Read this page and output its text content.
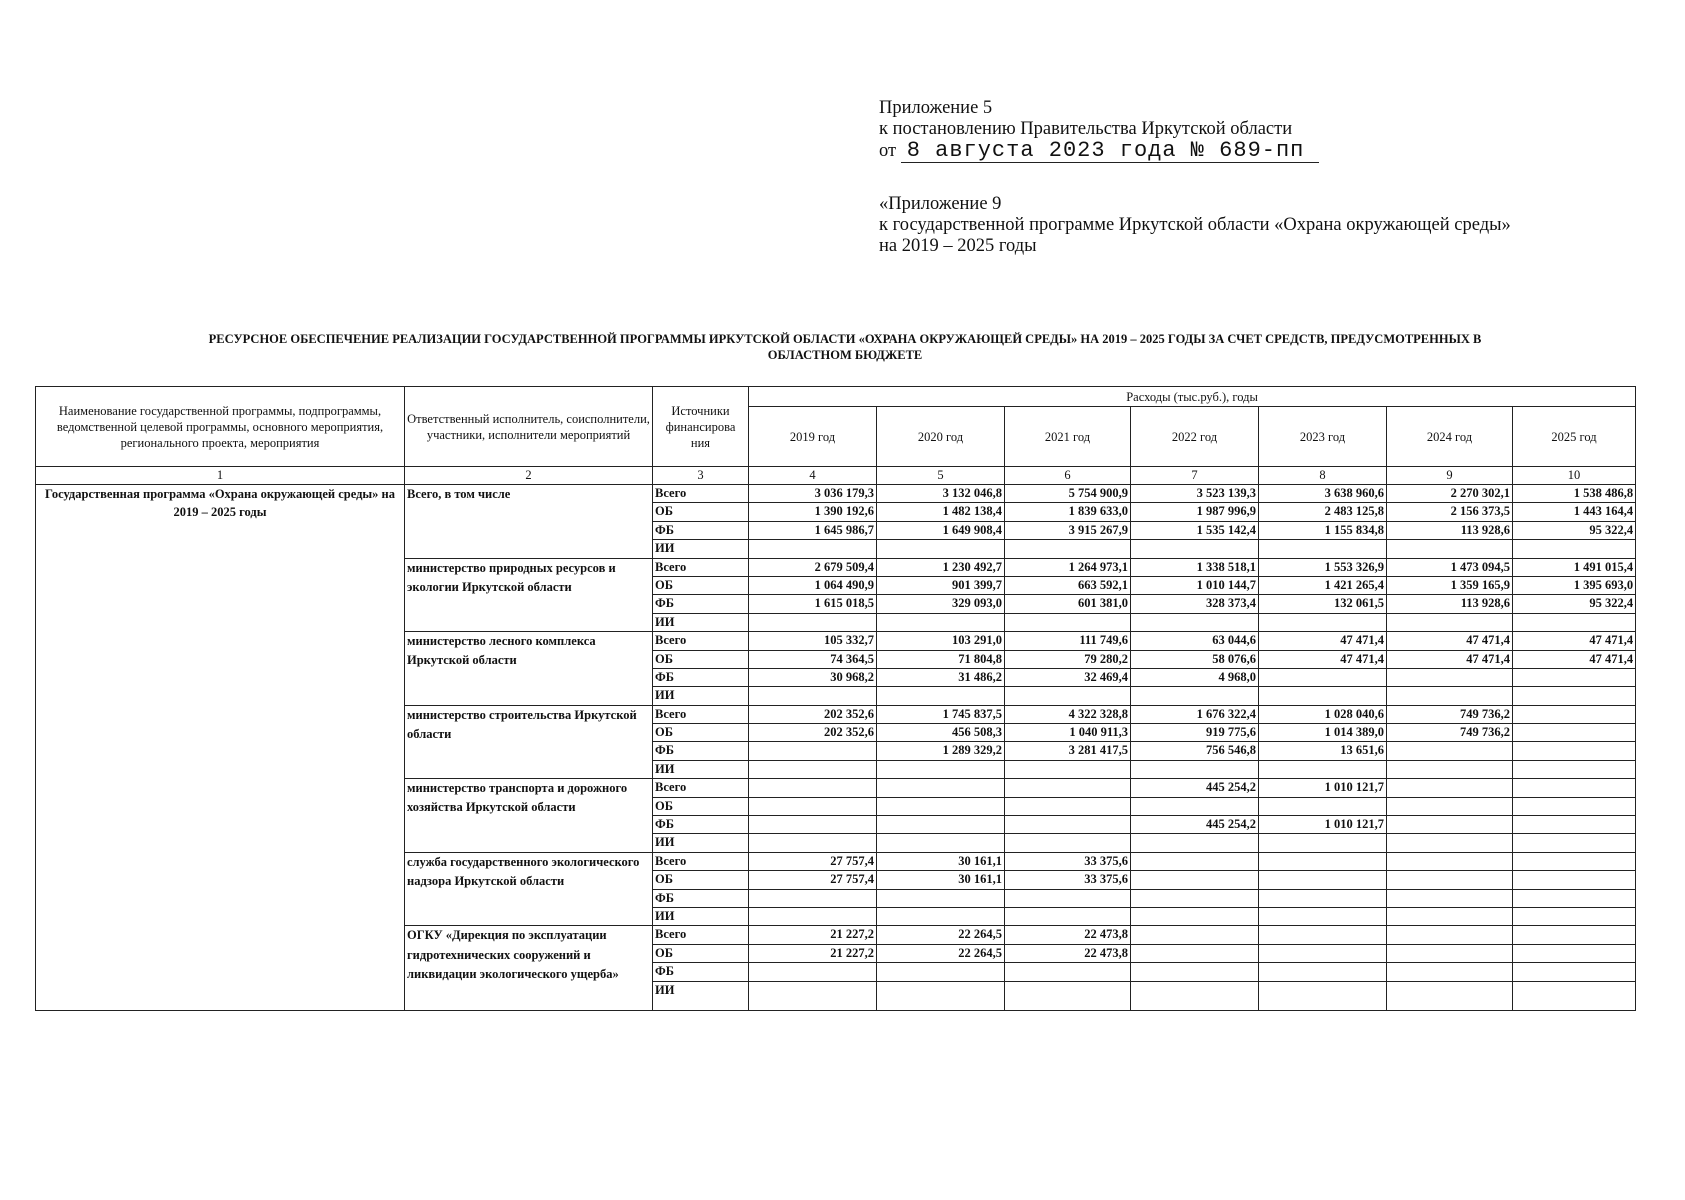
Приложение 5
к постановлению Правительства Иркутской области
от 8 августа 2023 года № 689-пп
«Приложение 9
к государственной программе Иркутской области «Охрана окружающей среды»
на 2019 – 2025 годы
РЕСУРСНОЕ ОБЕСПЕЧЕНИЕ РЕАЛИЗАЦИИ ГОСУДАРСТВЕННОЙ ПРОГРАММЫ ИРКУТСКОЙ ОБЛАСТИ «ОХРАНА ОКРУЖАЮЩЕЙ СРЕДЫ» НА 2019 – 2025 ГОДЫ ЗА СЧЕТ СРЕДСТВ, ПРЕДУСМОТРЕННЫХ В
ОБЛАСТНОМ БЮДЖЕТЕ
Наименование государственной программы, подпрограммы, ведомственной целевой программы, основного мероприятия, регионального проекта, мероприятия	Ответственный исполнитель, соисполнители, участники, исполнители мероприятий	Источники финансирова ния	Расходы (тыс.руб.), годы						
			2019 год	2020 год	2021 год	2022 год	2023 год	2024 год	2025 год
1	2	3	4	5	6	7	8	9	10
Государственная программа «Охрана окружающей среды» на 2019 – 2025 годы	Всего, в том числе	Всего	3 036 179,3	3 132 046,8	5 754 900,9	3 523 139,3	3 638 960,6	2 270 302,1	1 538 486,8
		ОБ	1 390 192,6	1 482 138,4	1 839 633,0	1 987 996,9	2 483 125,8	2 156 373,5	1 443 164,4
		ФБ	1 645 986,7	1 649 908,4	3 915 267,9	1 535 142,4	1 155 834,8	113 928,6	95 322,4
		ИИ							
	министерство природных ресурсов и экологии Иркутской области	Всего	2 679 509,4	1 230 492,7	1 264 973,1	1 338 518,1	1 553 326,9	1 473 094,5	1 491 015,4
		ОБ	1 064 490,9	901 399,7	663 592,1	1 010 144,7	1 421 265,4	1 359 165,9	1 395 693,0
		ФБ	1 615 018,5	329 093,0	601 381,0	328 373,4	132 061,5	113 928,6	95 322,4
		ИИ							
	министерство лесного комплекса Иркутской области	Всего	105 332,7	103 291,0	111 749,6	63 044,6	47 471,4	47 471,4	47 471,4
		ОБ	74 364,5	71 804,8	79 280,2	58 076,6	47 471,4	47 471,4	47 471,4
		ФБ	30 968,2	31 486,2	32 469,4	4 968,0			
		ИИ							
	министерство строительства Иркутской области	Всего	202 352,6	1 745 837,5	4 322 328,8	1 676 322,4	1 028 040,6	749 736,2	
		ОБ	202 352,6	456 508,3	1 040 911,3	919 775,6	1 014 389,0	749 736,2	
		ФБ		1 289 329,2	3 281 417,5	756 546,8	13 651,6		
		ИИ							
	министерство транспорта и дорожного хозяйства Иркутской области	Всего				445 254,2	1 010 121,7		
		ОБ							
		ФБ				445 254,2	1 010 121,7		
		ИИ							
	служба государственного экологического надзора Иркутской области	Всего	27 757,4	30 161,1	33 375,6				
		ОБ	27 757,4	30 161,1	33 375,6				
		ФБ							
		ИИ							
	ОГКУ «Дирекция по эксплуатации гидротехнических сооружений и ликвидации экологического ущерба»	Всего	21 227,2	22 264,5	22 473,8				
		ОБ	21 227,2	22 264,5	22 473,8				
		ФБ							
		ИИ							
